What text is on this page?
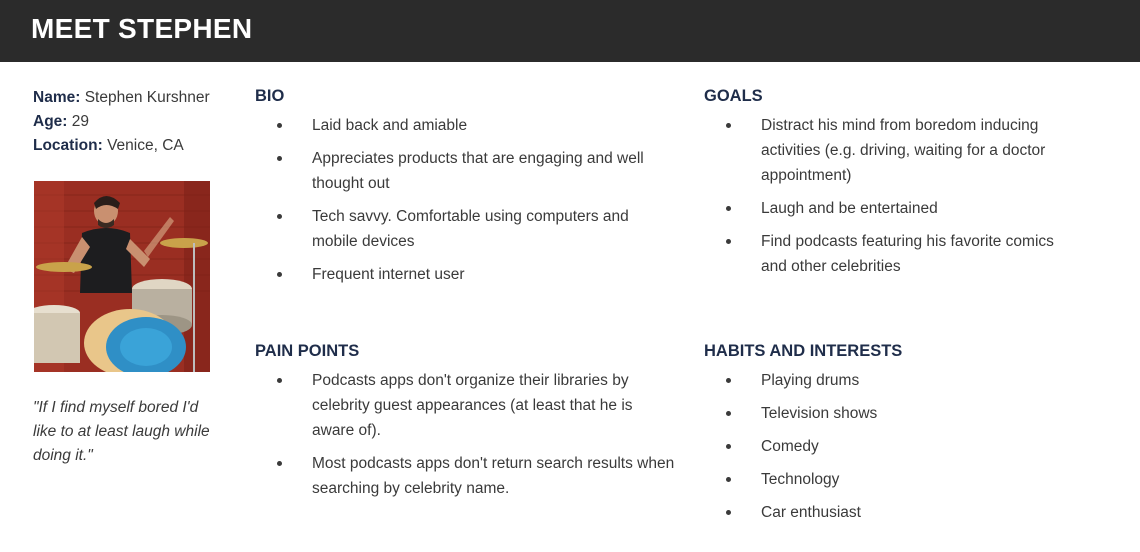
MEET STEPHEN
Name: Stephen Kurshner
Age: 29
Location: Venice, CA
"If I find myself bored I'd like to at least laugh while doing it."
BIO
Laid back and amiable
Appreciates products that are engaging and well thought out
Tech savvy. Comfortable using computers and mobile devices
Frequent internet user
GOALS
Distract his mind from boredom inducing activities (e.g. driving, waiting for a doctor appointment)
Laugh and be entertained
Find podcasts featuring his favorite comics and other celebrities
PAIN POINTS
Podcasts apps don't organize their libraries by celebrity guest appearances (at least that he is aware of).
Most podcasts apps don't return search results when searching by celebrity name.
HABITS AND INTERESTS
Playing drums
Television shows
Comedy
Technology
Car enthusiast
